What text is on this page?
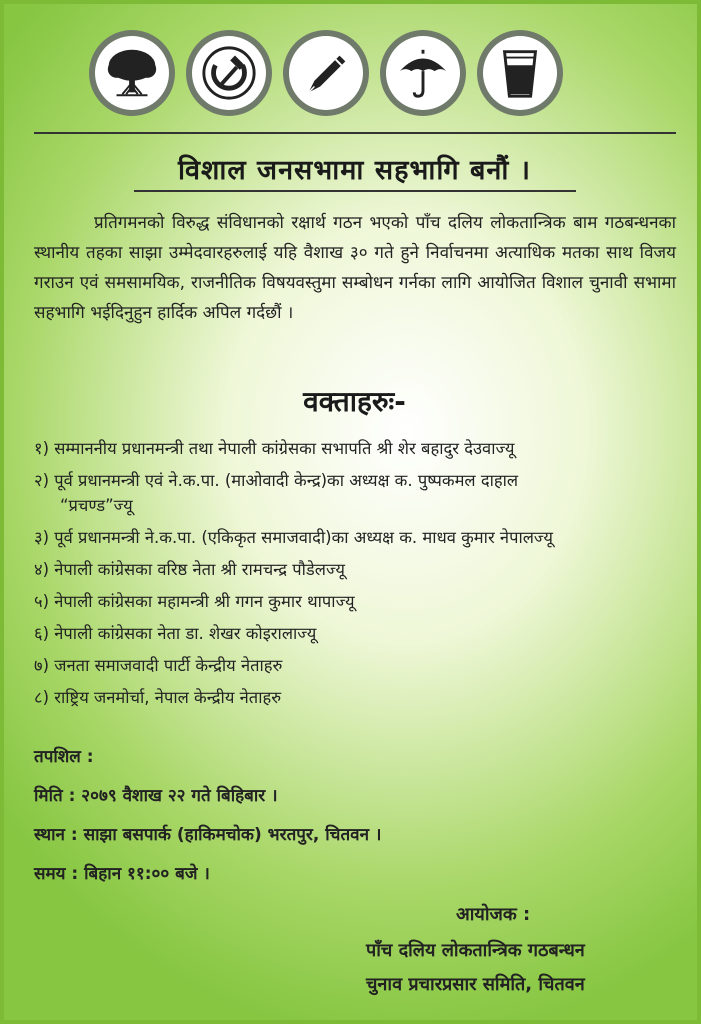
विशाल जनसभामा सहभागि बनौं ।
प्रतिगमनको विरुद्ध संविधानको रक्षार्थ गठन भएको पाँच दलिय लोकतान्त्रिक बाम गठबन्धनका स्थानीय तहका साझा उम्मेदवारहरुलाई यहि वैशाख ३० गते हुने निर्वाचनमा अत्याधिक मतका साथ विजय गराउन एवं समसामयिक, राजनीतिक विषयवस्तुमा सम्बोधन गर्नका लागि आयोजित विशाल चुनावी सभामा सहभागि भईदिनुहुन हार्दिक अपिल गर्दछौं ।
वक्ताहरुः-
१) सम्माननीय प्रधानमन्त्री तथा नेपाली कांग्रेसका सभापति श्री शेर बहादुर देउवाज्यू
२) पूर्व प्रधानमन्त्री एवं ने.क.पा. (माओवादी केन्द्र)का अध्यक्ष क. पुष्पकमल दाहाल
“प्रचण्ड”ज्यू
३) पूर्व प्रधानमन्त्री ने.क.पा. (एकिकृत समाजवादी)का अध्यक्ष क. माधव कुमार नेपालज्यू
४) नेपाली कांग्रेसका वरिष्ठ नेता श्री रामचन्द्र पौडेलज्यू
५) नेपाली कांग्रेसका महामन्त्री श्री गगन कुमार थापाज्यू
६) नेपाली कांग्रेसका नेता डा. शेखर कोइरालाज्यू
७) जनता समाजवादी पार्टी केन्द्रीय नेताहरु
८) राष्ट्रिय जनमोर्चा, नेपाल केन्द्रीय नेताहरु
तपशिल :
मिति : २०७९ वैशाख २२ गते बिहिबार ।
स्थान : साझा बसपार्क (हाकिमचोक) भरतपुर, चितवन ।
समय : बिहान ११:०० बजे ।
आयोजक :
पाँच दलिय लोकतान्त्रिक गठबन्धन
चुनाव प्रचारप्रसार समिति, चितवन
